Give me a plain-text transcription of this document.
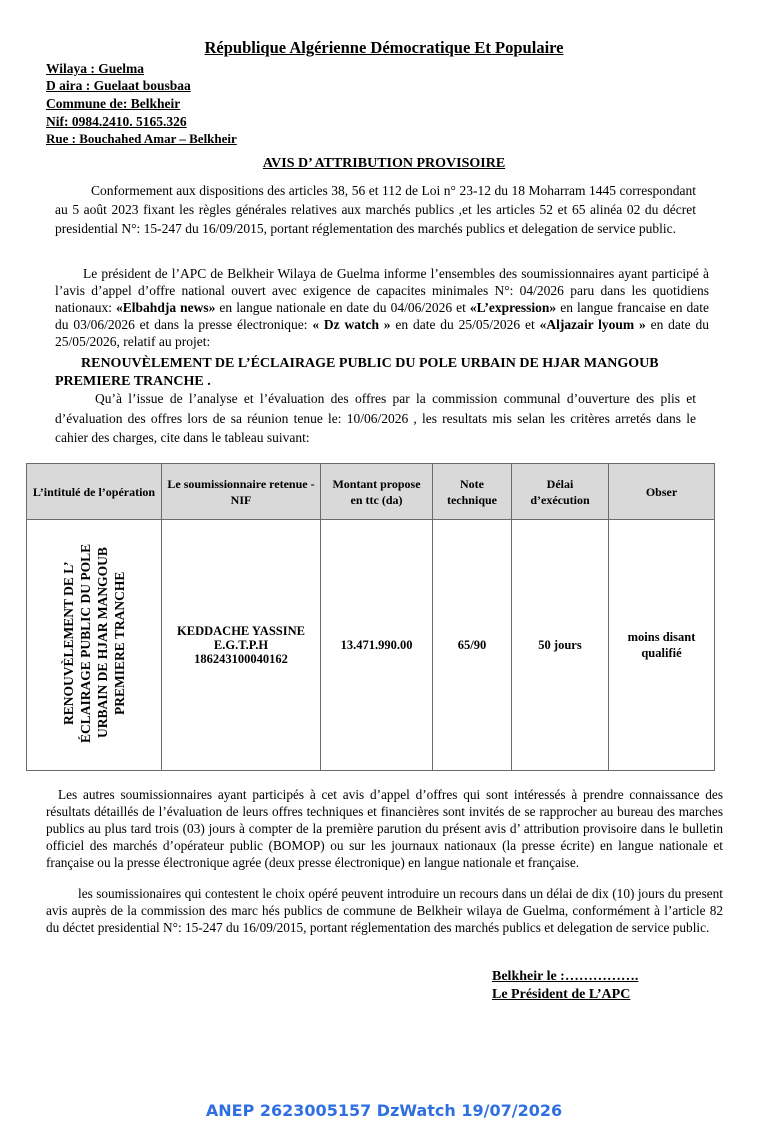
République Algérienne Démocratique Et Populaire
Wilaya : Guelma
D aira : Guelaat bousbaa
Commune de: Belkheir
Nif: 0984.2410. 5165.326
Rue : Bouchahed Amar – Belkheir
AVIS D’ ATTRIBUTION PROVISOIRE
Conformement aux dispositions des articles 38, 56 et 112 de Loi n° 23-12 du 18 Moharram 1445 correspondant au 5 août 2023 fixant les règles générales relatives aux marchés publics ,et les articles 52 et 65 alinéa 02 du décret presidential N°: 15-247 du 16/09/2015, portant réglementation des marchés publics et delegation de service public.
Le président de l’APC de Belkheir Wilaya de Guelma informe l’ensembles des soumissionnaires ayant participé à l’avis d’appel d’offre national ouvert avec exigence de capacites minimales N°: 04/2026 paru dans les quotidiens nationaux: «Elbahdja news» en langue nationale en date du 04/06/2026 et «L’expression» en langue francaise en date du 03/06/2026 et dans la presse électronique: « Dz watch » en date du 25/05/2026 et «Aljazair lyoum » en date du 25/05/2026, relatif au projet:
RENOUVÈLEMENT DE L’ÉCLAIRAGE PUBLIC DU POLE URBAIN DE HJAR MANGOUB
PREMIERE TRANCHE .
Qu’à l’issue de l’analyse et l’évaluation des offres par la commission communal d’ouverture des plis et d’évaluation des offres lors de sa réunion tenue le: 10/06/2026 , les resultats mis selan les critères arretés dans le cahier des charges, cite dans le tableau suivant:
L’intitulé de l’opération	Le soumissionnaire retenue - NIF	Montant propose en ttc (da)	Note technique	Délai d’exécution	Obser
RENOUVÈLEMENT DE L’ ÉCLAIRAGE PUBLIC DU POLE URBAIN DE HJAR MANGOUB PREMIERE TRANCHE	KEDDACHE YASSINE
E.G.T.P.H
186243100040162	13.471.990.00	65/90	50 jours	moins disant qualifié
Les autres soumissionnaires ayant participés à cet avis d’appel d’offres qui sont intéressés à prendre connaissance des résultats détaillés de l’évaluation de leurs offres techniques et financières sont invités de se rapprocher au bureau des marches publics au plus tard trois (03) jours à compter de la première parution du présent avis d’ attribution provisoire dans le bulletin officiel des marchés d’opérateur public (BOMOP) ou sur les journaux nationaux (la presse écrite) en langue nationale et française ou la presse électronique agrée (deux presse électronique) en langue nationale et française.
les soumissionaires qui contestent le choix opéré peuvent introduire un recours dans un délai de dix (10) jours du present avis auprès de la commission des marc hés publics de commune de Belkheir wilaya de Guelma, conformément à l’article 82 du déctet presidential N°: 15-247 du 16/09/2015, portant réglementation des marchés publics et delegation de service public.
Belkheir le :…………….
Le Président de L’APC
ANEP 2623005157 DzWatch 19/07/2026
